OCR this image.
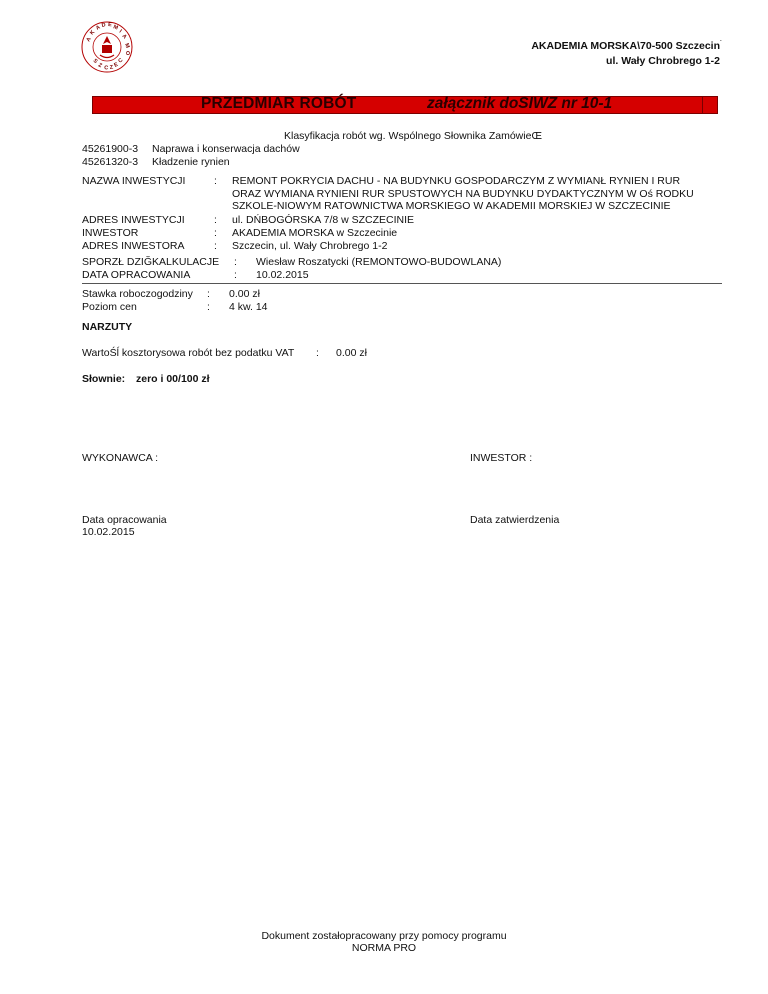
A
K
A D E M
I
A
M
O
S
Z C Z E
C
.
AKADEMIA MORSKA\70-500 Szczecin
ul. Wały Chrobrego 1-2
PRZEDMIAR ROBÓT	załącznik doSIWZ nr 10-1
Klasyfikacja robót wg. Wspólnego Słownika ZamówieŒ
45261900-3	Naprawa i konserwacja dachów
45261320-3	Kładzenie rynien
NAZWA INWESTYCJI	:	REMONT POKRYCIA DACHU - NA BUDYNKU GOSPODARCZYM Z WYMIANŁ RYNIEN I RUR ORAZ WYMIANA RYNIENI RUR SPUSTOWYCH NA BUDYNKU DYDAKTYCZNYM W Oś RODKU SZKOLE-NIOWYM RATOWNICTWA MORSKIEGO W AKADEMII MORSKIEJ W SZCZECINIE
ADRES INWESTYCJI	:	ul. DŃBOGÓRSKA 7/8 w SZCZECINIE
INWESTOR	:	AKADEMIA MORSKA w Szczecinie
ADRES INWESTORA	:	Szczecin, ul. Wały Chrobrego 1-2
SPORZŁ DZIĞKALKULACJE	:	Wiesław Roszatycki (REMONTOWO-BUDOWLANA)
DATA OPRACOWANIA	:	10.02.2015
Stawka roboczogodziny	:	0.00 zł
Poziom cen	:	4 kw. 14
NARZUTY
WartoŚĺ kosztorysowa robót bez podatku VAT	:	0.00 zł
Słownie:	zero i 00/100 zł
WYKONAWCA :	INWESTOR :
Data opracowania
10.02.2015
Data zatwierdzenia
Dokument zostałopracowany przy pomocy programu
NORMA PRO
